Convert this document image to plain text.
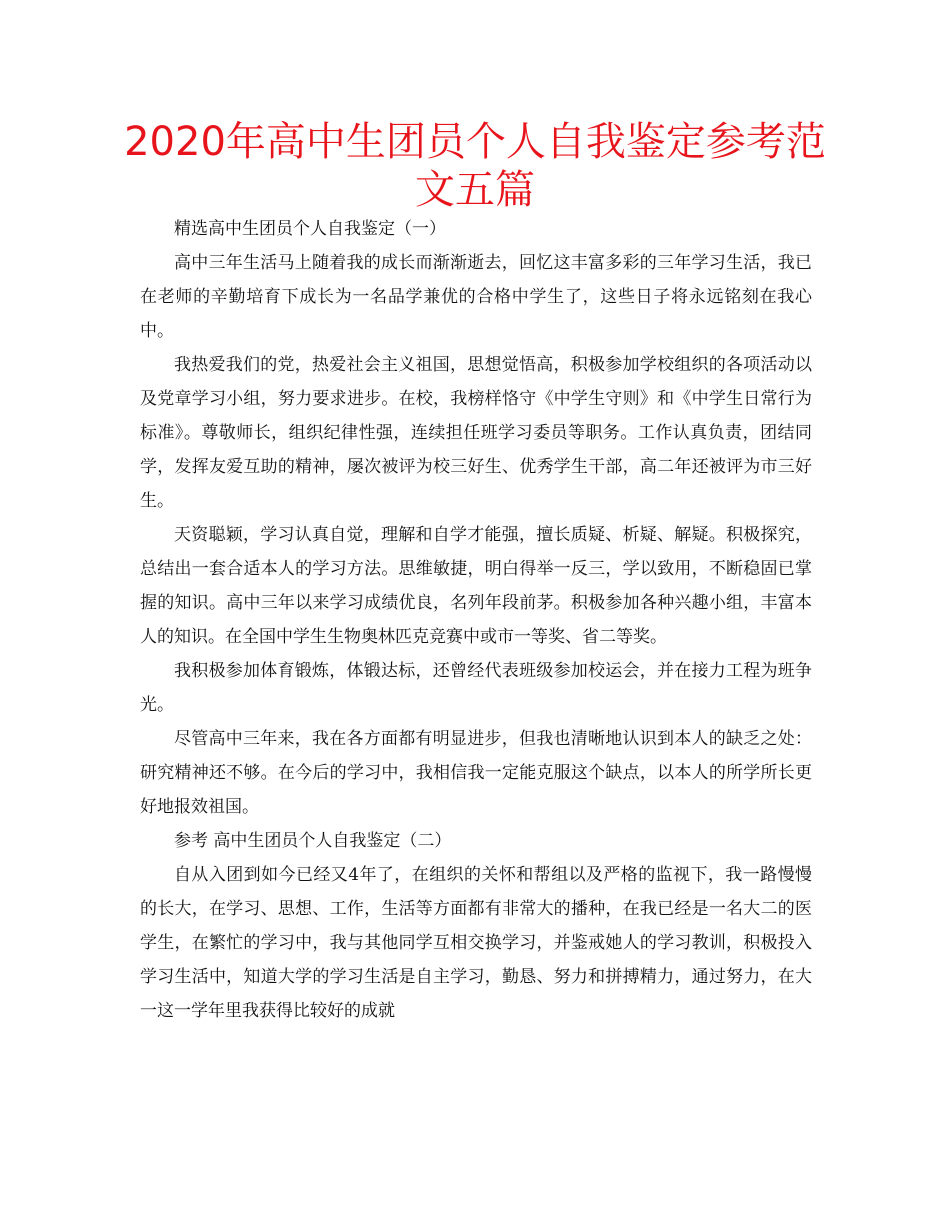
2020年高中生团员个人自我鉴定参考范文五篇

精选高中生团员个人自我鉴定（一）

高中三年生活马上随着我的成长而渐渐逝去，回忆这丰富多彩的三年学习生活，我已在老师的辛勤培育下成长为一名品学兼优的合格中学生了，这些日子将永远铭刻在我心中。

我热爱我们的党，热爱社会主义祖国，思想觉悟高，积极参加学校组织的各项活动以及党章学习小组，努力要求进步。在校，我榜样恪守《中学生守则》和《中学生日常行为标准》。尊敬师长，组织纪律性强，连续担任班学习委员等职务。工作认真负责，团结同学，发挥友爱互助的精神，屡次被评为校三好生、优秀学生干部，高二年还被评为市三好生。

天资聪颖，学习认真自觉，理解和自学才能强，擅长质疑、析疑、解疑。积极探究，总结出一套合适本人的学习方法。思维敏捷，明白得举一反三，学以致用，不断稳固已掌握的知识。高中三年以来学习成绩优良，名列年段前茅。积极参加各种兴趣小组，丰富本人的知识。在全国中学生生物奥林匹克竞赛中或市一等奖、省二等奖。

我积极参加体育锻炼，体锻达标，还曾经代表班级参加校运会，并在接力工程为班争光。

尽管高中三年来，我在各方面都有明显进步，但我也清晰地认识到本人的缺乏之处：研究精神还不够。在今后的学习中，我相信我一定能克服这个缺点，以本人的所学所长更好地报效祖国。

参考 高中生团员个人自我鉴定（二）

自从入团到如今已经又4年了，在组织的关怀和帮组以及严格的监视下，我一路慢慢的长大，在学习、思想、工作，生活等方面都有非常大的播种，在我已经是一名大二的医学生，在繁忙的学习中，我与其他同学互相交换学习，并鉴戒她人的学习教训，积极投入学习生活中，知道大学的学习生活是自主学习，勤恳、努力和拼搏精力，通过努力，在大一这一学年里我获得比较好的成就
